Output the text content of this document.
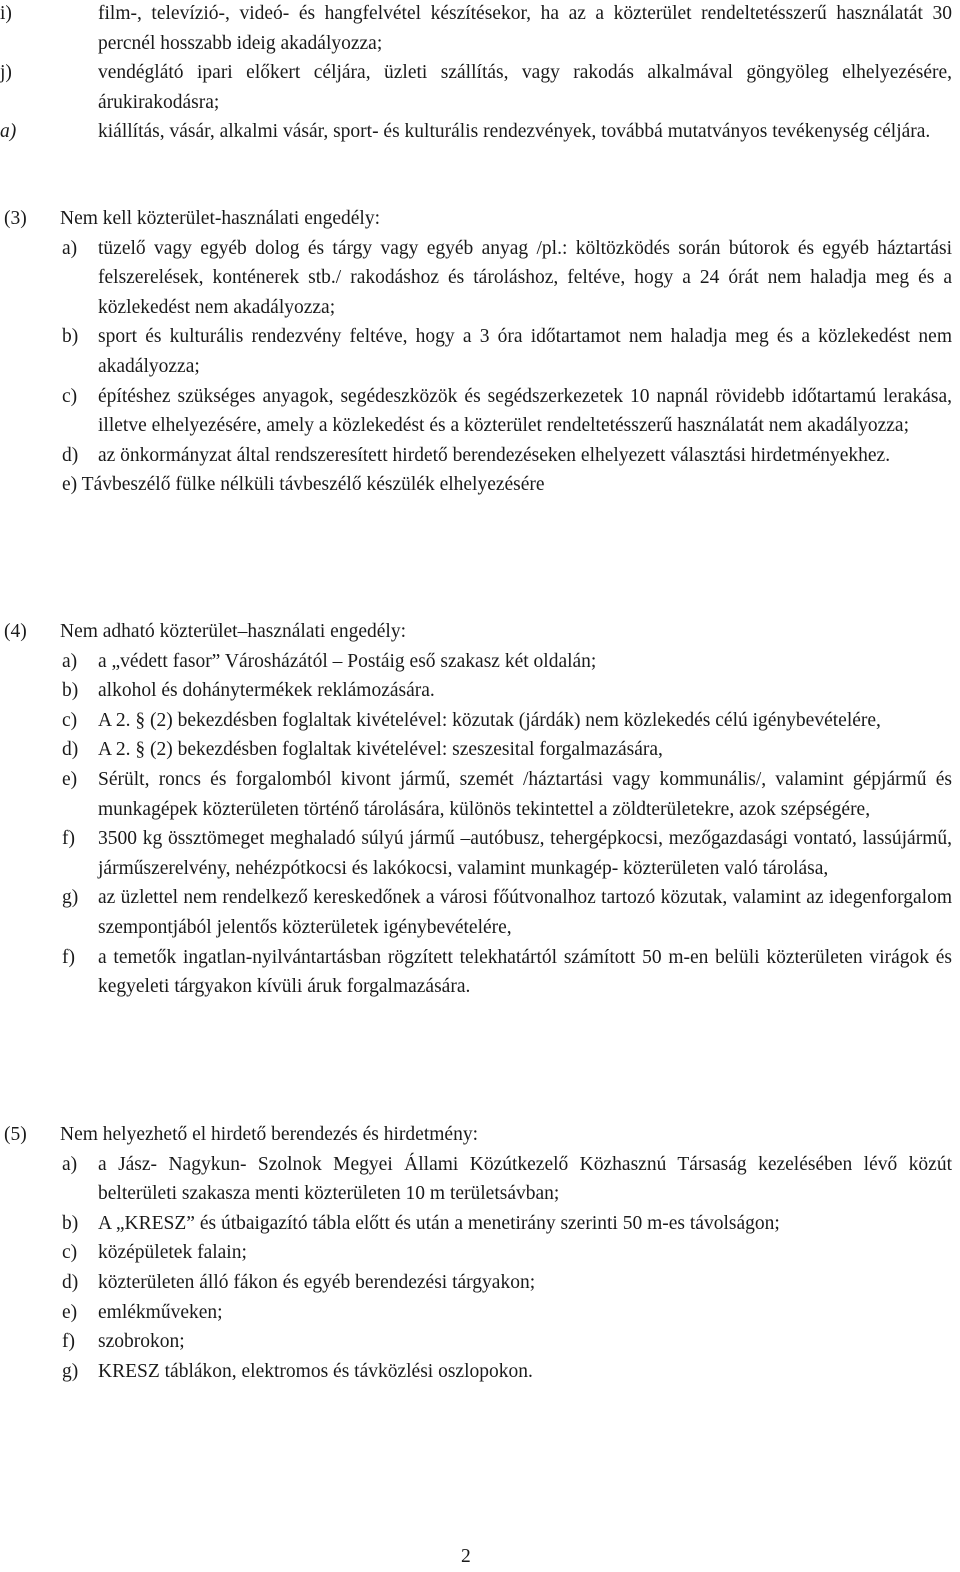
i)	film-, televízió-, videó- és hangfelvétel készítésekor, ha az a közterület rendeltetésszerű használatát 30 percnél hosszabb ideig akadályozza;
j)	vendéglátó ipari előkert céljára, üzleti szállítás, vagy rakodás alkalmával göngyöleg elhelyezésére, árukirakodásra;
a)	kiállítás, vásár, alkalmi vásár, sport- és kulturális rendezvények, továbbá mutatványos tevékenység céljára.
(3) Nem kell közterület-használati engedély:
a) tüzelő vagy egyéb dolog és tárgy vagy egyéb anyag /pl.: költözködés során bútorok és egyéb háztartási felszerelések, konténerek stb./ rakodáshoz és tároláshoz, feltéve, hogy a 24 órát nem haladja meg és a közlekedést nem akadályozza;
b) sport és kulturális rendezvény feltéve, hogy a 3 óra időtartamot nem haladja meg és a közlekedést nem akadályozza;
c) építéshez szükséges anyagok, segédeszközök és segédszerkezetek 10 napnál rövidebb időtartamú lerakása, illetve elhelyezésére, amely a közlekedést és a közterület rendeltetésszerű használatát nem akadályozza;
d) az önkormányzat által rendszeresített hirdető berendezéseken elhelyezett választási hirdetményekhez.
e) Távbeszélő fülke nélküli távbeszélő készülék elhelyezésére
(4) Nem adható közterület–használati engedély:
a) a „védett fasor” Városházától – Postáig eső szakasz két oldalán;
b) alkohol és dohánytermékek reklámozására.
c) A 2. § (2) bekezdésben foglaltak kivételével: közutak (járdák) nem közlekedés célú igénybevételére,
d) A 2. § (2) bekezdésben foglaltak kivételével: szeszesital forgalmazására,
e) Sérült, roncs és forgalomból kivont jármű, szemét /háztartási vagy kommunális/, valamint gépjármű és munkagépek közterületen történő tárolására, különös tekintettel a zöldterületekre, azok szépségére,
f) 3500 kg össztömeget meghaladó súlyú jármű –autóbusz, tehergépkocsi, mezőgazdasági vontató, lassújármű, járműszerelvény, nehézpótkocsi és lakókocsi, valamint munkagép- közterületen való tárolása,
g) az üzlettel nem rendelkező kereskedőnek a városi főútvonalhoz tartozó közutak, valamint az idegenforgalom szempontjából jelentős közterületek igénybevételére,
f) a temetők ingatlan-nyilvántartásban rögzített telekhatártól számított 50 m-en belüli közterületen virágok és kegyeleti tárgyakon kívüli áruk forgalmazására.
(5) Nem helyezhető el hirdető berendezés és hirdetmény:
a) a Jász- Nagykun- Szolnok Megyei Állami Közútkezelő Közhasznú Társaság kezelésében lévő közút belterületi szakasza menti közterületen 10 m területsávban;
b) A „KRESZ” és útbaigazító tábla előtt és után a menetirány szerinti 50 m-es távolságon;
c) középületek falain;
d) közterületen álló fákon és egyéb berendezési tárgyakon;
e) emlékműveken;
f) szobrokon;
g) KRESZ táblákon, elektromos és távközlési oszlopokon.
2
